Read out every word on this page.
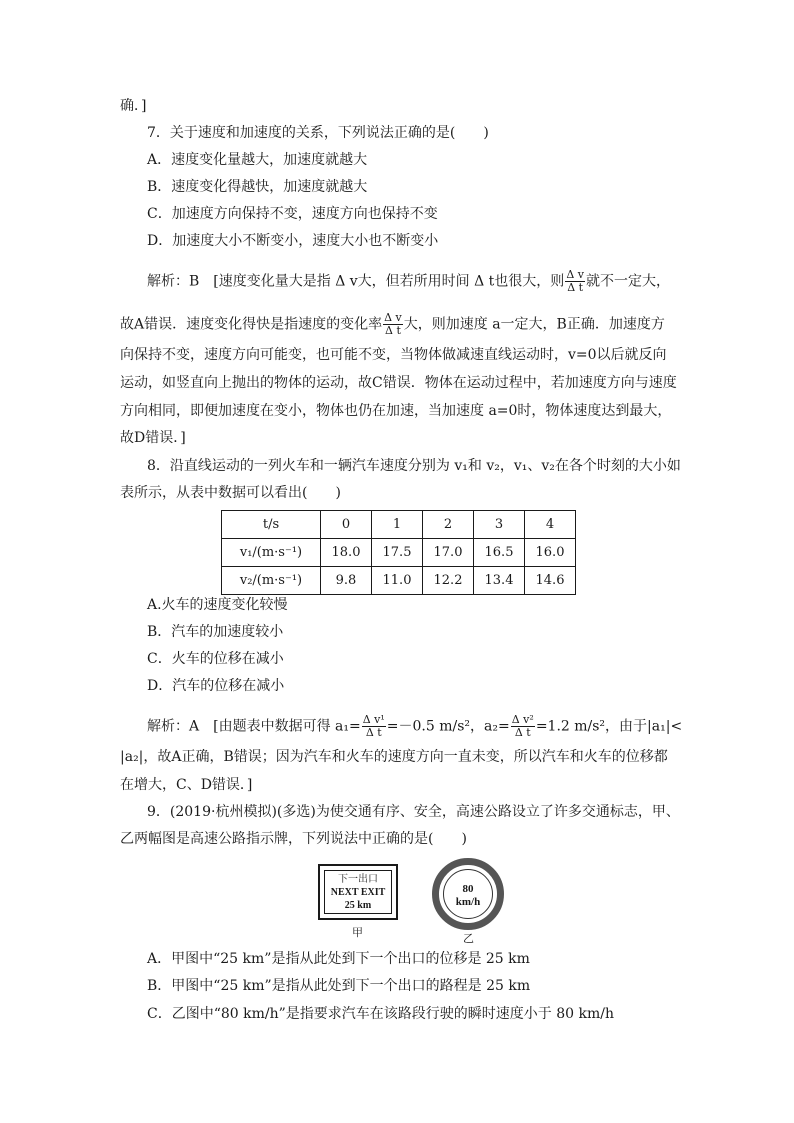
确．]
7．关于速度和加速度的关系，下列说法正确的是(　　)
A．速度变化量越大，加速度就越大
B．速度变化得越快，加速度就越大
C．加速度方向保持不变，速度方向也保持不变
D．加速度大小不断变小，速度大小也不断变小
解析：B　[速度变化量大是指 Δ v大，但若所用时间 Δ t也很大，则 $\frac{\text{Δ v}}{\text{Δ t}}$ 就不一定大，
故A错误．速度变化得快是指速度的变化率 $\frac{\text{Δ v}}{\text{Δ t}}$ 大，则加速度 a一定大，B正确．加速度方
向保持不变，速度方向可能变，也可能不变，当物体做减速直线运动时，v=0以后就反向
运动，如竖直向上抛出的物体的运动，故C错误．物体在运动过程中，若加速度方向与速度
方向相同，即便加速度在变小，物体也仍在加速，当加速度 a=0时，物体速度达到最大，
故D错误．]
8．沿直线运动的一列火车和一辆汽车速度分别为 v₁和 v₂，v₁、v₂在各个时刻的大小如
表所示，从表中数据可以看出(　　)
t/s	0	1	2	3	4
v₁/(m·s⁻¹)	18.0	17.5	17.0	16.5	16.0
v₂/(m·s⁻¹)	9.8	11.0	12.2	13.4	14.6
A.火车的速度变化较慢
B．汽车的加速度较小
C．火车的位移在减小
D．汽车的位移在减小
解析：A　[由题表中数据可得 $a_1= \frac{\text{Δ v¹}}{\text{Δ t}} =-0.5$ m/s²，$a_2= \frac{\text{Δ v²}}{\text{Δ t}} =1.2$ m/s²，由于|a₁|<
|a₂|，故A正确，B错误；因为汽车和火车的速度方向一直未变，所以汽车和火车的位移都
在增大，C、D错误．]
9．(2019·杭州模拟)(多选)为使交通有序、安全，高速公路设立了许多交通标志，甲、
乙两幅图是高速公路指示牌，下列说法中正确的是(　　)
下一出口
NEXT EXIT
25 km
甲
80
km/h
乙
A．甲图中“25 km”是指从此处到下一个出口的位移是 25 km
B．甲图中“25 km”是指从此处到下一个出口的路程是 25 km
C．乙图中“80 km/h”是指要求汽车在该路段行驶的瞬时速度小于 80 km/h
